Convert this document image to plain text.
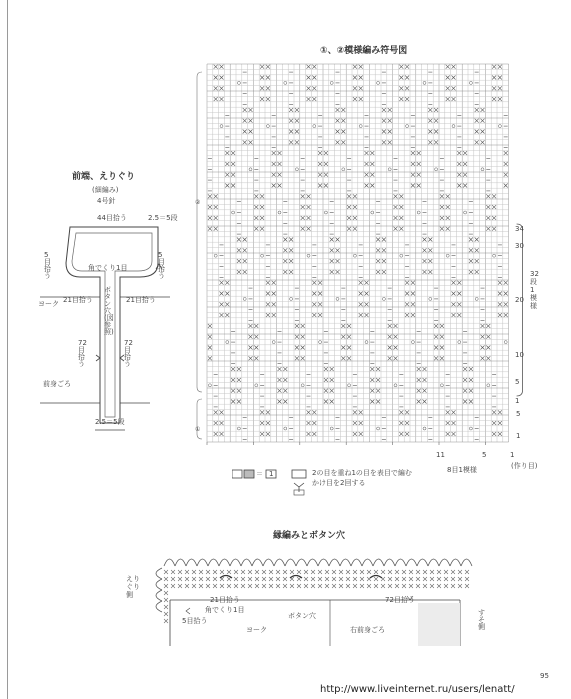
①、②模様編み符号図
前端、えりぐり
(細編み)
4号針
44目拾う	2.5＝5段
5目拾う
5目拾う
角でくり1目
ボタン穴(図参照)
ヨーク 21目拾う	21目拾う
72目拾う
72目拾う
前身ごろ
2.5＝5段
②
①
34
30
20
10
5
1
32段1模様
5
1
11	5	1
8目1模様	(作り目)
＝ 1	2の目を重ね1の目を表目で編む
かけ目を2回する
縁編みとボタン穴
えりぐり側
21目拾う
角でくり1目
5目拾う
ヨーク
ボタン穴
72目拾う
右前身ごろ
すそ側
95
http://www.liveinternet.ru/users/lenatt/
